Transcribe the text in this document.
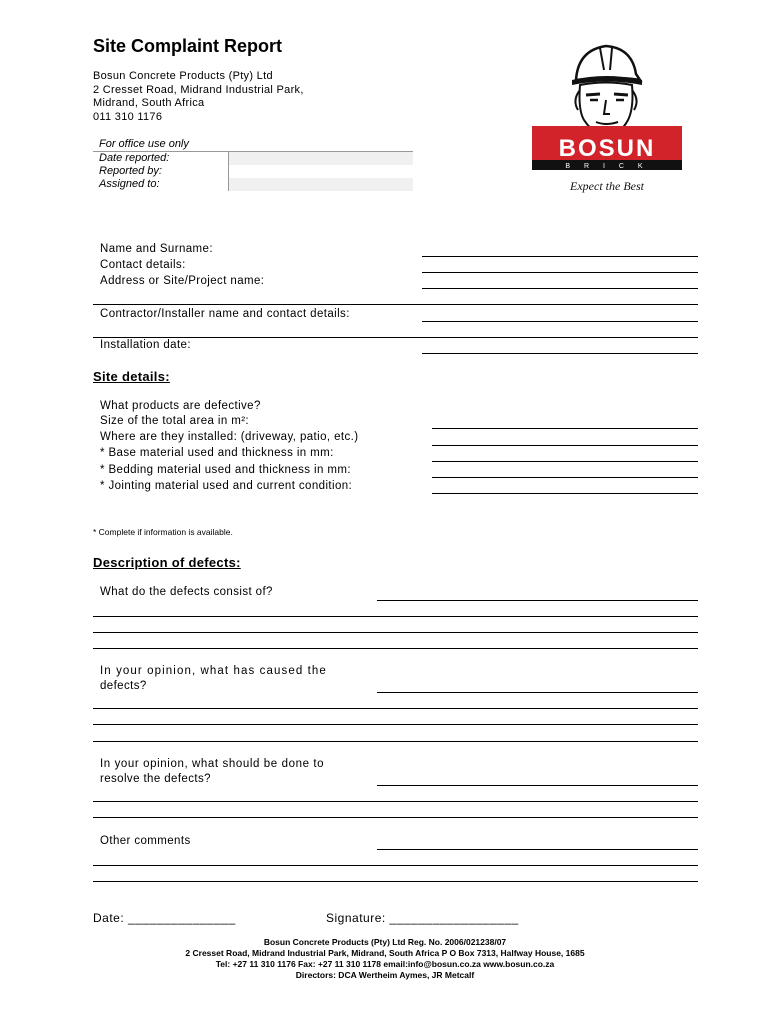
Site Complaint Report
Bosun Concrete Products (Pty) Ltd
2 Cresset Road, Midrand Industrial Park,
Midrand, South Africa
011 310 1176
For office use only
Date reported:
Reported by:
Assigned to:
BOSUN
B R I C K
Expect the Best
Name and Surname:
Contact details:
Address or Site/Project name:
Contractor/Installer name and contact details:
Installation date:
Site details:
What products are defective?
Size of the total area in m²:
Where are they installed: (driveway, patio, etc.)
* Base material used and thickness in mm:
* Bedding material used and thickness in mm:
* Jointing material used and current condition:
* Complete if information is available.
Description of defects:
What do the defects consist of?
In your opinion, what has caused the
defects?
In your opinion, what should be done to
resolve the defects?
Other comments
Date: _______________	Signature: __________________
Bosun Concrete Products (Pty) Ltd Reg. No. 2006/021238/07
2 Cresset Road, Midrand Industrial Park, Midrand, South Africa P O Box 7313, Halfway House, 1685
Tel: +27 11 310 1176 Fax: +27 11 310 1178 email:info@bosun.co.za www.bosun.co.za
Directors: DCA Wertheim Aymes, JR Metcalf
